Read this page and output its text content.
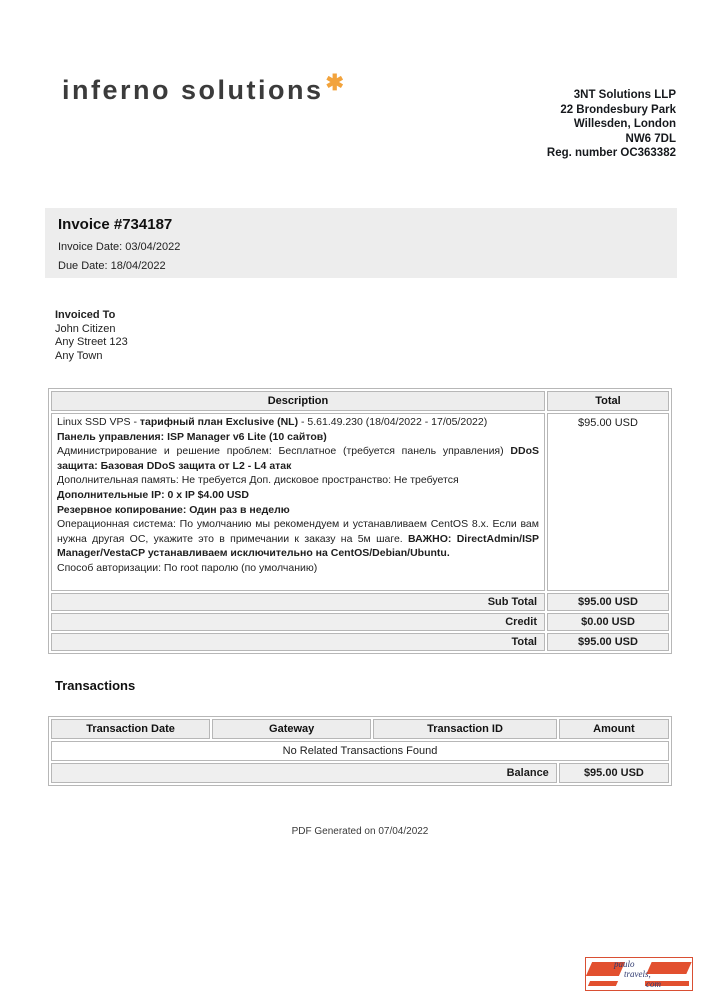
inferno solutions✱	3NT Solutions LLP
22 Brondesbury Park
Willesden, London
NW6 7DL
Reg. number OC363382
Invoice #734187
Invoice Date: 03/04/2022
Due Date: 18/04/2022
Invoiced To
John Citizen
Any Street 123
Any Town
Description	Total

Linux SSD VPS - тарифный план Exclusive (NL) - 5.61.49.230 (18/04/2022 - 17/05/2022)
Панель управления: ISP Manager v6 Lite (10 сайтов)
Администрирование и решение проблем: Бесплатное (требуется панель управления) DDoS защита: Базовая DDoS защита от L2 - L4 атак
Дополнительная память: Не требуется Доп. дисковое пространство: Не требуется
Дополнительные IP: 0 x IP $4.00 USD
Резервное копирование: Один раз в неделю
Операционная система: По умолчанию мы рекомендуем и устанавливаем CentOS 8.x. Если вам нужна другая ОС, укажите это в примечании к заказу на 5м шаге. ВАЖНО: DirectAdmin/ISP Manager/VestaCP устанавливаем исключительно на CentOS/Debian/Ubuntu.
Способ авторизации: По root паролю (по умолчанию)
	$95.00 USD
Sub Total	$95.00 USD
Credit	$0.00 USD
Total	$95.00 USD
Transactions
Transaction Date	Gateway	Transaction ID	Amount
No Related Transactions Found			
Balance			$95.00 USD
PDF Generated on 07/04/2022
paulo
travels,
com
